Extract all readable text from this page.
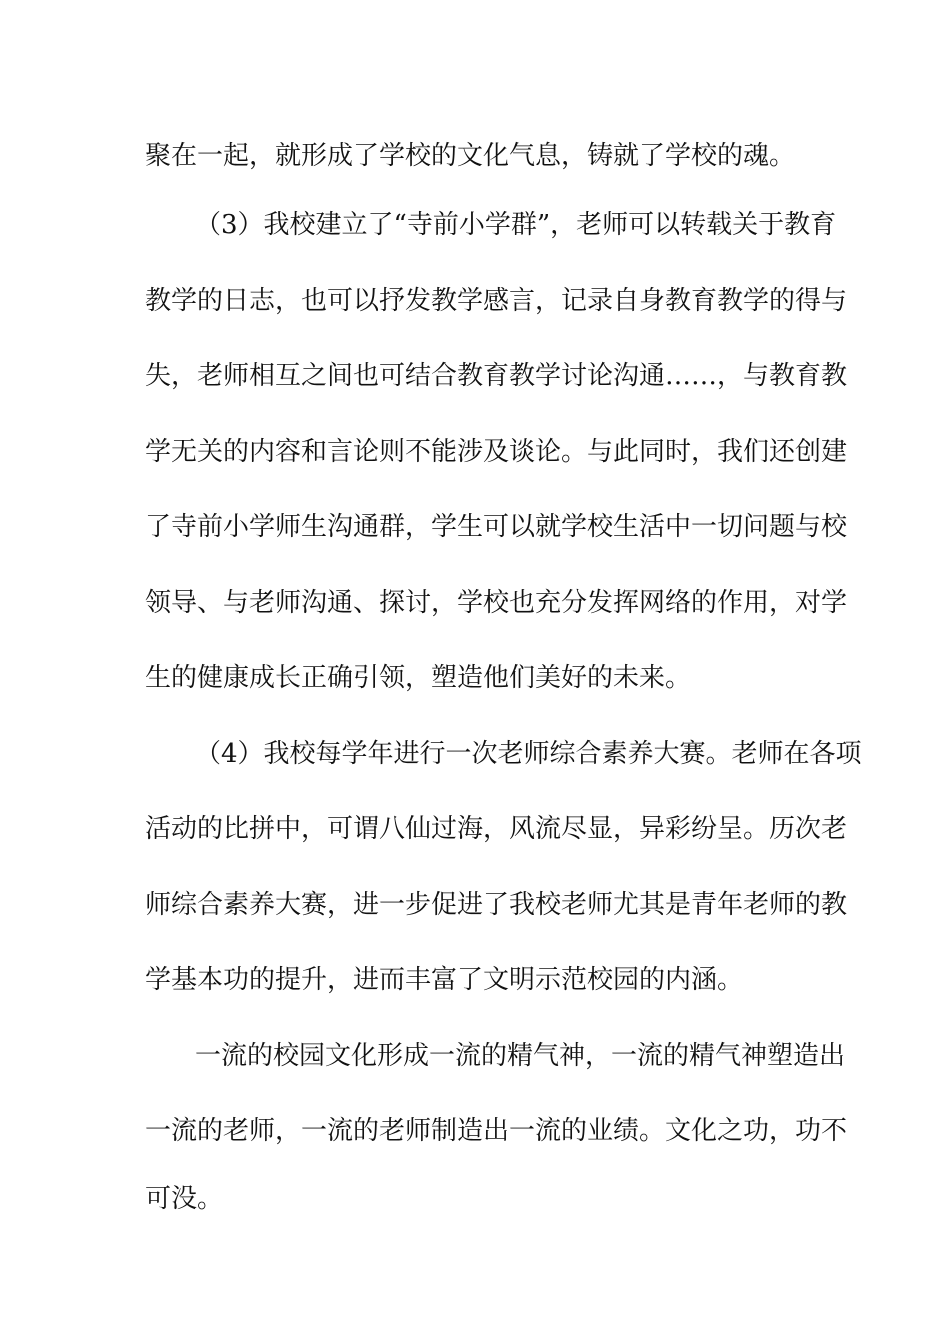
聚在一起，就形成了学校的文化气息，铸就了学校的魂。
（3）我校建立了“寺前小学群”，老师可以转载关于教育
教学的日志，也可以抒发教学感言，记录自身教育教学的得与
失，老师相互之间也可结合教育教学讨论沟通……，与教育教
学无关的内容和言论则不能涉及谈论。与此同时，我们还创建
了寺前小学师生沟通群，学生可以就学校生活中一切问题与校
领导、与老师沟通、探讨，学校也充分发挥网络的作用，对学
生的健康成长正确引领，塑造他们美好的未来。
（4）我校每学年进行一次老师综合素养大赛。老师在各项
活动的比拼中，可谓八仙过海，风流尽显，异彩纷呈。历次老
师综合素养大赛，进一步促进了我校老师尤其是青年老师的教
学基本功的提升，进而丰富了文明示范校园的内涵。
一流的校园文化形成一流的精气神，一流的精气神塑造出
一流的老师，一流的老师制造出一流的业绩。文化之功，功不
可没。
